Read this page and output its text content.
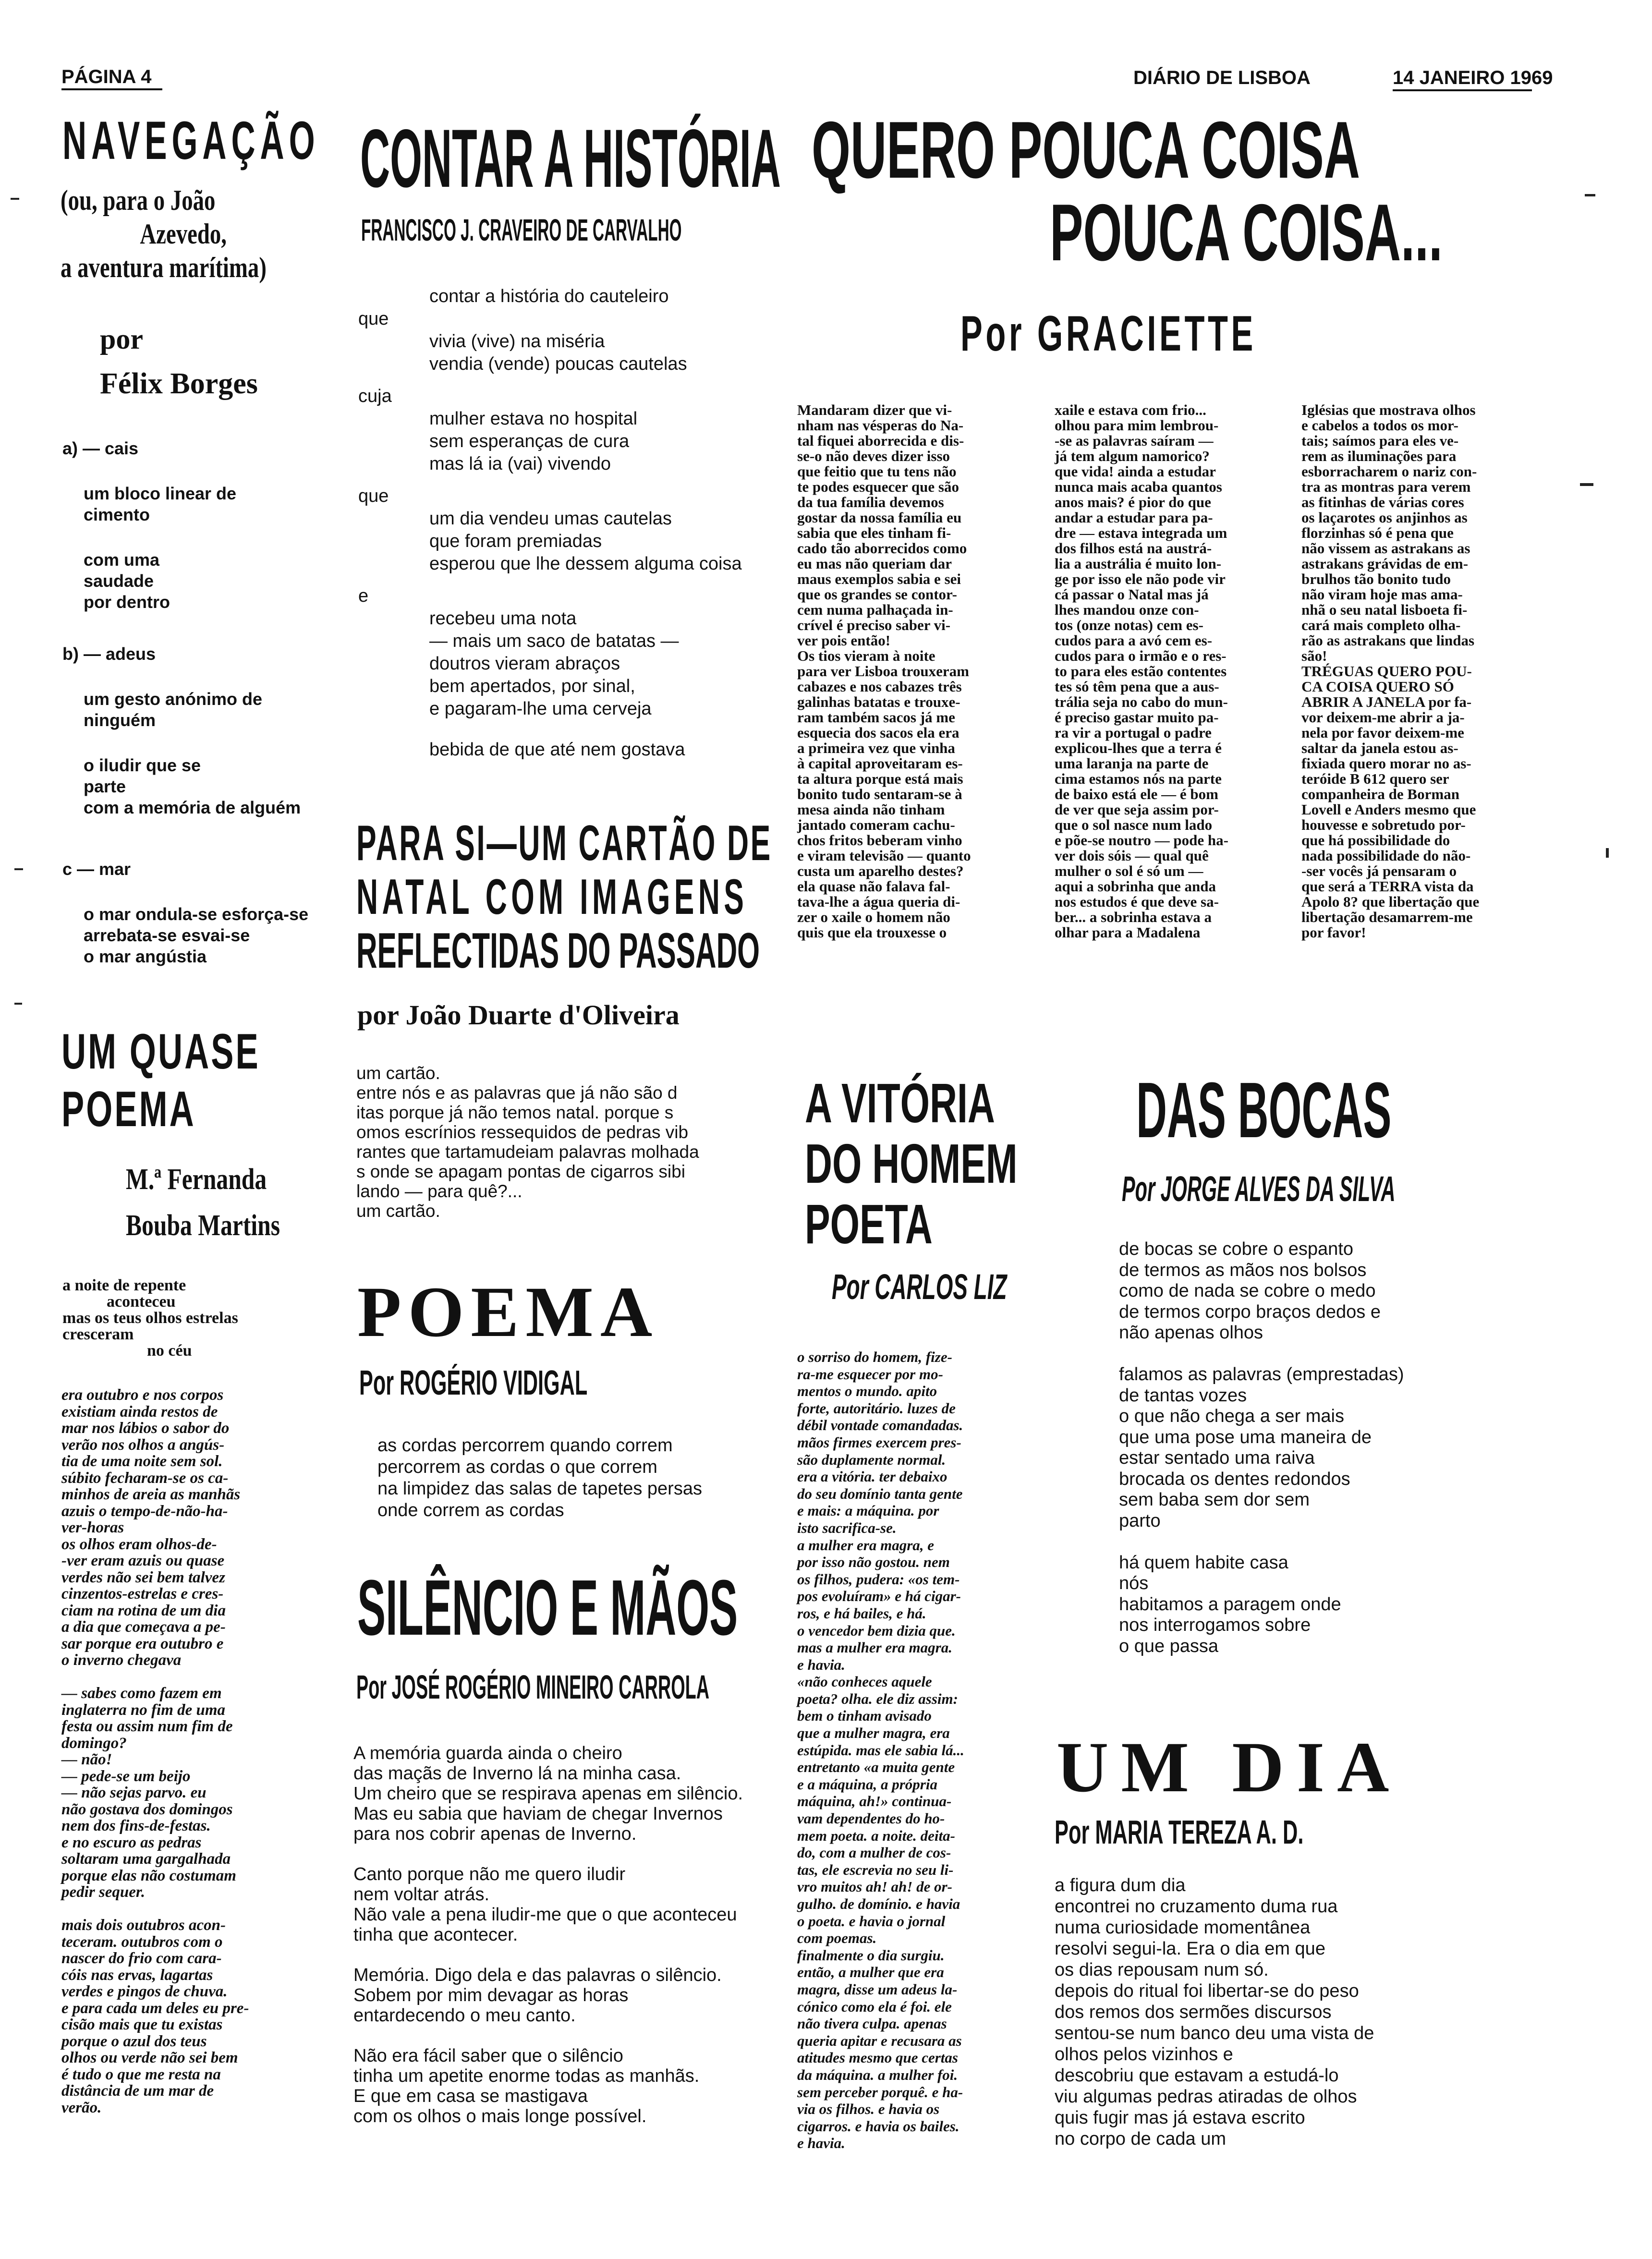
PÁGINA 4	DIÁRIO DE LISBOA	14 JANEIRO 1969
NAVEGAÇÃO
(ou, para o João
Azevedo,
a aventura marítima)
por
Félix Borges
a) — cais
um bloco linear de
cimento
com uma
saudade
por dentro
b) — adeus
um gesto anónimo de
ninguém
o iludir que se
parte
com a memória de alguém
c — mar
o mar ondula-se esforça-se
arrebata-se esvai-se
o mar angústia
CONTAR A HISTÓRIA
FRANCISCO J. CRAVEIRO DE CARVALHO
contar a história do cauteleiro
que
vivia (vive) na miséria
vendia (vende) poucas cautelas
cuja
mulher estava no hospital
sem esperanças de cura
mas lá ia (vai) vivendo
que
um dia vendeu umas cautelas
que foram premiadas
esperou que lhe dessem alguma coisa
e
recebeu uma nota
— mais um saco de batatas —
doutros vieram abraços
bem apertados, por sinal,
e pagaram-lhe uma cerveja
bebida de que até nem gostava
QUERO POUCA COISA
POUCA COISA...
Por GRACIETTE
Mandaram dizer que vi-
nham nas vésperas do Na-
tal fiquei aborrecida e dis-
se-o não deves dizer isso
que feitio que tu tens não
te podes esquecer que são
da tua família devemos
gostar da nossa família eu
sabia que eles tinham fi-
cado tão aborrecidos como
eu mas não queriam dar
maus exemplos sabia e sei
que os grandes se contor-
cem numa palhaçada in-
crível é preciso saber vi-
ver pois então!
Os tios vieram à noite
para ver Lisboa trouxeram
cabazes e nos cabazes três
galinhas batatas e trouxe-
ram também sacos já me
esquecia dos sacos ela era
a primeira vez que vinha
à capital aproveitaram es-
ta altura porque está mais
bonito tudo sentaram-se à
mesa ainda não tinham
jantado comeram cachu-
chos fritos beberam vinho
e viram televisão — quanto
custa um aparelho destes?
ela quase não falava fal-
tava-lhe a água queria di-
zer o xaile o homem não
quis que ela trouxesse o
xaile e estava com frio...
olhou para mim lembrou-
-se as palavras saíram —
já tem algum namorico?
que vida! ainda a estudar
nunca mais acaba quantos
anos mais? é pior do que
andar a estudar para pa-
dre — estava integrada um
dos filhos está na austrá-
lia a austrália é muito lon-
ge por isso ele não pode vir
cá passar o Natal mas já
lhes mandou onze con-
tos (onze notas) cem es-
cudos para a avó cem es-
cudos para o irmão e o res-
to para eles estão contentes
tes só têm pena que a aus-
trália seja no cabo do mun-
é preciso gastar muito pa-
ra vir a portugal o padre
explicou-lhes que a terra é
uma laranja na parte de
cima estamos nós na parte
de baixo está ele — é bom
de ver que seja assim por-
que o sol nasce num lado
e põe-se noutro — pode ha-
ver dois sóis — qual quê
mulher o sol é só um —
aqui a sobrinha que anda
nos estudos é que deve sa-
ber... a sobrinha estava a
olhar para a Madalena
Iglésias que mostrava olhos
e cabelos a todos os mor-
tais; saímos para eles ve-
rem as iluminações para
esborracharem o nariz con-
tra as montras para verem
as fitinhas de várias cores
os laçarotes os anjinhos as
florzinhas só é pena que
não vissem as astrakans as
astrakans grávidas de em-
brulhos tão bonito tudo
não viram hoje mas ama-
nhã o seu natal lisboeta fi-
cará mais completo olha-
rão as astrakans que lindas
são!
TRÉGUAS QUERO POU-
CA COISA QUERO SÓ
ABRIR A JANELA por fa-
vor deixem-me abrir a ja-
nela por favor deixem-me
saltar da janela estou as-
fixiada quero morar no as-
teróide B 612 quero ser
companheira de Borman
Lovell e Anders mesmo que
houvesse e sobretudo por-
que há possibilidade do
nada possibilidade do não-
-ser vocês já pensaram o
que será a TERRA vista da
Apolo 8? que libertação que
libertação desamarrem-me
por favor!
PARA SI—UM CARTÃO DE
NATAL COM IMAGENS
REFLECTIDAS DO PASSADO
por João Duarte d'Oliveira
um cartão.
entre nós e as palavras que já não são d
itas porque já não temos natal. porque s
omos escrínios ressequidos de pedras vib
rantes que tartamudeiam palavras molhada
s onde se apagam pontas de cigarros sibi
lando — para quê?...
um cartão.
UM QUASE
POEMA
M.ª Fernanda
Bouba Martins
a noite de repente
aconteceu
mas os teus olhos estrelas
cresceram
no céu
era outubro e nos corpos
existiam ainda restos de
mar nos lábios o sabor do
verão nos olhos a angús-
tia de uma noite sem sol.
súbito fecharam-se os ca-
minhos de areia as manhãs
azuis o tempo-de-não-ha-
ver-horas
os olhos eram olhos-de-
-ver eram azuis ou quase
verdes não sei bem talvez
cinzentos-estrelas e cres-
ciam na rotina de um dia
a dia que começava a pe-
sar porque era outubro e
o inverno chegava

— sabes como fazem em
inglaterra no fim de uma
festa ou assim num fim de
domingo?
— não!
— pede-se um beijo
— não sejas parvo. eu
não gostava dos domingos
nem dos fins-de-festas.
e no escuro as pedras
soltaram uma gargalhada
porque elas não costumam
pedir sequer.

mais dois outubros acon-
teceram. outubros com o
nascer do frio com cara-
cóis nas ervas, lagartas
verdes e pingos de chuva.
e para cada um deles eu pre-
cisão mais que tu existas
porque o azul dos teus
olhos ou verde não sei bem
é tudo o que me resta na
distância de um mar de
verão.
POEMA
Por ROGÉRIO VIDIGAL
as cordas percorrem quando correm
percorrem as cordas o que correm
na limpidez das salas de tapetes persas
onde correm as cordas
SILÊNCIO E MÃOS
Por JOSÉ ROGÉRIO MINEIRO CARROLA
A memória guarda ainda o cheiro
das maçãs de Inverno lá na minha casa.
Um cheiro que se respirava apenas em silêncio.
Mas eu sabia que haviam de chegar Invernos
para nos cobrir apenas de Inverno.

Canto porque não me quero iludir
nem voltar atrás.
Não vale a pena iludir-me que o que aconteceu
tinha que acontecer.

Memória. Digo dela e das palavras o silêncio.
Sobem por mim devagar as horas
entardecendo o meu canto.

Não era fácil saber que o silêncio
tinha um apetite enorme todas as manhãs.
E que em casa se mastigava
com os olhos o mais longe possível.
A VITÓRIA
DO HOMEM
POETA
Por CARLOS LIZ
o sorriso do homem, fize-
ra-me esquecer por mo-
mentos o mundo. apito
forte, autoritário. luzes de
débil vontade comandadas.
mãos firmes exercem pres-
são duplamente normal.
era a vitória. ter debaixo
do seu domínio tanta gente
e mais: a máquina. por
isto sacrifica-se.
a mulher era magra, e
por isso não gostou. nem
os filhos, pudera: «os tem-
pos evoluíram» e há cigar-
ros, e há bailes, e há.
o vencedor bem dizia que.
mas a mulher era magra.
e havia.
«não conheces aquele
poeta? olha. ele diz assim:
bem o tinham avisado
que a mulher magra, era
estúpida. mas ele sabia lá...
entretanto «a muita gente
e a máquina, a própria
máquina, ah!» continua-
vam dependentes do ho-
mem poeta. a noite. deita-
do, com a mulher de cos-
tas, ele escrevia no seu li-
vro muitos ah! ah! de or-
gulho. de domínio. e havia
o poeta. e havia o jornal
com poemas.
finalmente o dia surgiu.
então, a mulher que era
magra, disse um adeus la-
cónico como ela é foi. ele
não tivera culpa. apenas
queria apitar e recusara as
atitudes mesmo que certas
da máquina. a mulher foi.
sem perceber porquê. e ha-
via os filhos. e havia os
cigarros. e havia os bailes.
e havia.
DAS BOCAS
Por JORGE ALVES DA SILVA
de bocas se cobre o espanto
de termos as mãos nos bolsos
como de nada se cobre o medo
de termos corpo braços dedos e
não apenas olhos

falamos as palavras (emprestadas)
de tantas vozes
o que não chega a ser mais
que uma pose uma maneira de
estar sentado uma raiva
brocada os dentes redondos
sem baba sem dor sem
parto

há quem habite casa
nós
habitamos a paragem onde
nos interrogamos sobre
o que passa
UM DIA
Por MARIA TEREZA A. D.
a figura dum dia
encontrei no cruzamento duma rua
numa curiosidade momentânea
resolvi segui-la. Era o dia em que
os dias repousam num só.
depois do ritual foi libertar-se do peso
dos remos dos sermões discursos
sentou-se num banco deu uma vista de
olhos pelos vizinhos e
descobriu que estavam a estudá-lo
viu algumas pedras atiradas de olhos
quis fugir mas já estava escrito
no corpo de cada um
